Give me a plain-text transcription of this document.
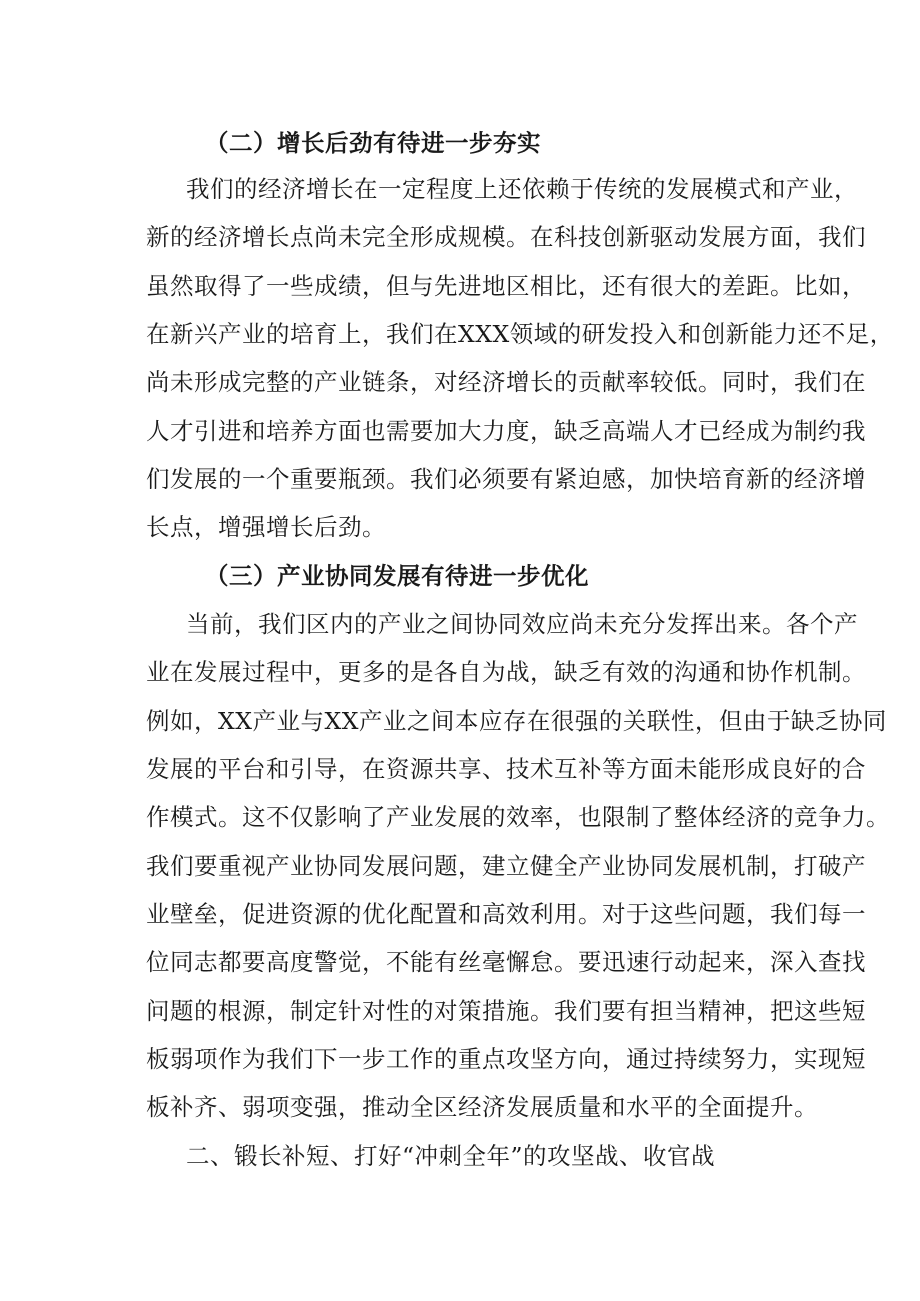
（二）增长后劲有待进一步夯实
我们的经济增长在一定程度上还依赖于传统的发展模式和产业，
新的经济增长点尚未完全形成规模。在科技创新驱动发展方面，我们
虽然取得了一些成绩，但与先进地区相比，还有很大的差距。比如，
在新兴产业的培育上，我们在XXX领域的研发投入和创新能力还不足，
尚未形成完整的产业链条，对经济增长的贡献率较低。同时，我们在
人才引进和培养方面也需要加大力度，缺乏高端人才已经成为制约我
们发展的一个重要瓶颈。我们必须要有紧迫感，加快培育新的经济增
长点，增强增长后劲。
（三）产业协同发展有待进一步优化
当前，我们区内的产业之间协同效应尚未充分发挥出来。各个产
业在发展过程中，更多的是各自为战，缺乏有效的沟通和协作机制。
例如，XX产业与XX产业之间本应存在很强的关联性，但由于缺乏协同
发展的平台和引导，在资源共享、技术互补等方面未能形成良好的合
作模式。这不仅影响了产业发展的效率，也限制了整体经济的竞争力。
我们要重视产业协同发展问题，建立健全产业协同发展机制，打破产
业壁垒，促进资源的优化配置和高效利用。对于这些问题，我们每一
位同志都要高度警觉，不能有丝毫懈怠。要迅速行动起来，深入查找
问题的根源，制定针对性的对策措施。我们要有担当精神，把这些短
板弱项作为我们下一步工作的重点攻坚方向，通过持续努力，实现短
板补齐、弱项变强，推动全区经济发展质量和水平的全面提升。
二、锻长补短、打好“冲刺全年”的攻坚战、收官战
